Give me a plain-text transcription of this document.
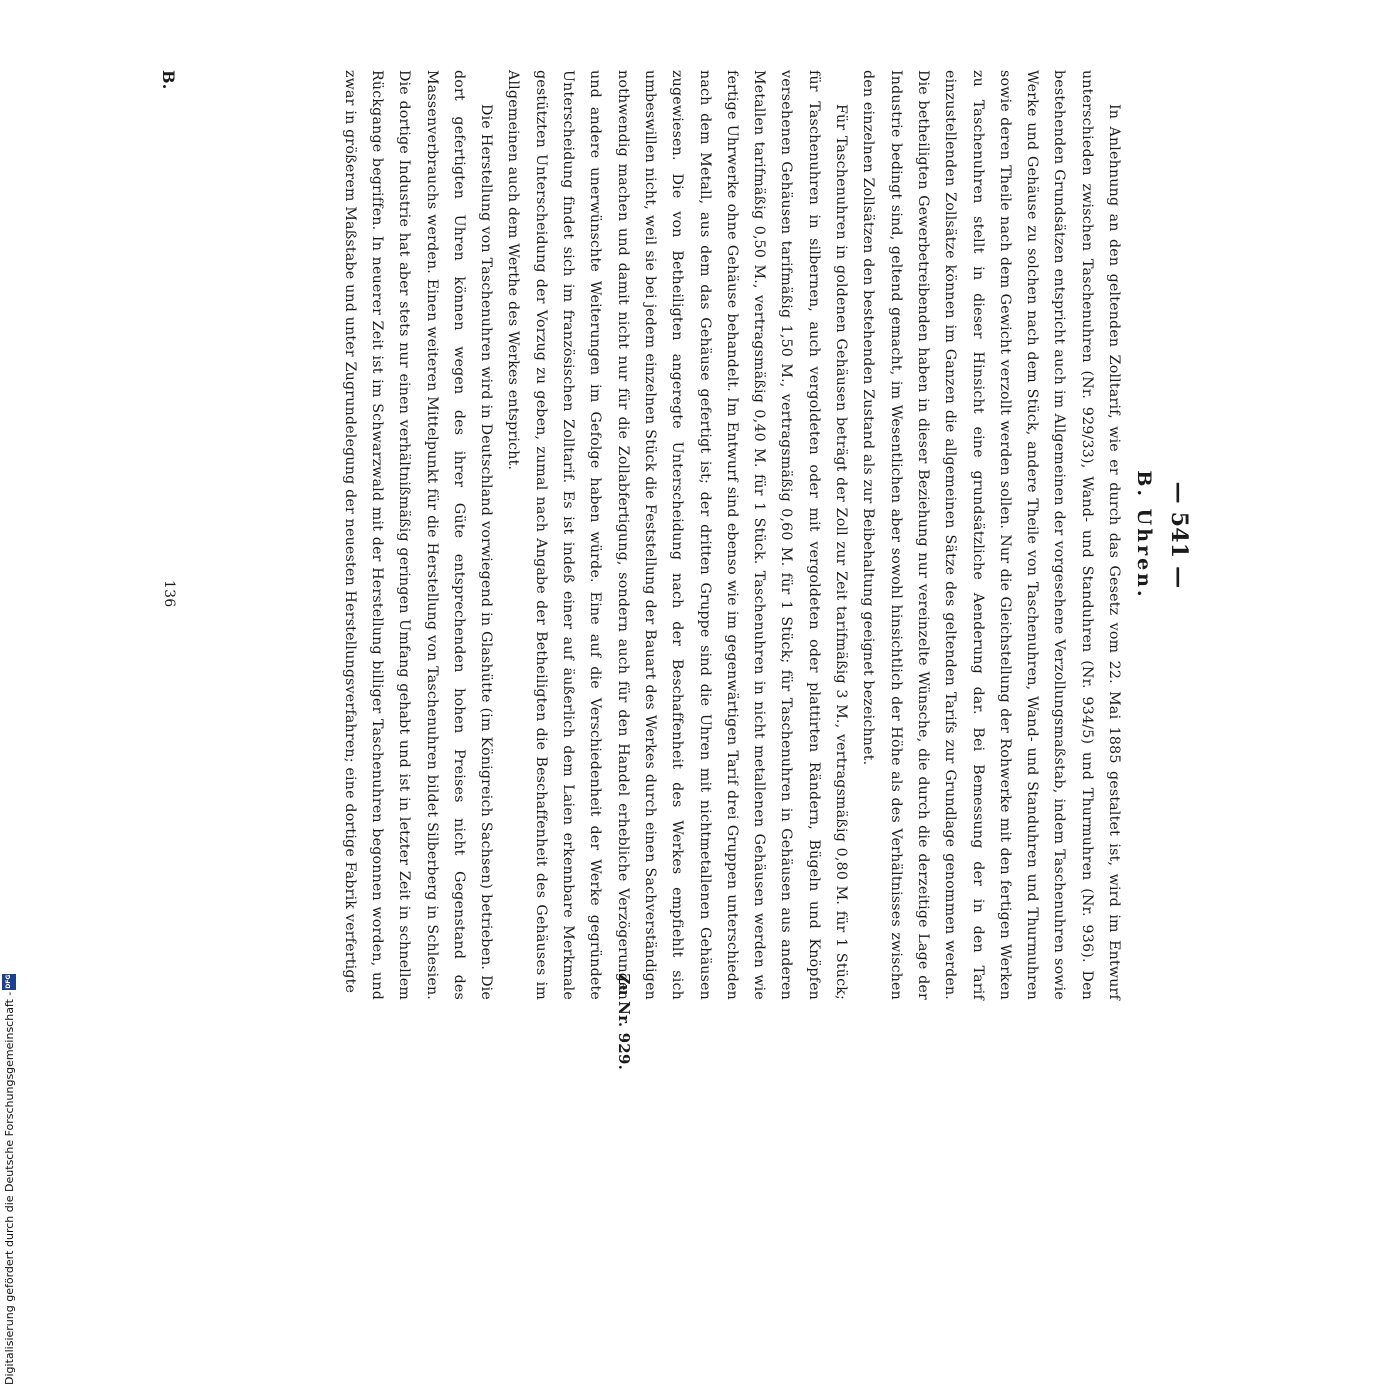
— 541 —
B. Uhren.

In Anlehnung an den geltenden Zolltarif, wie er durch das Gesetz vom 22. Mai 1885 gestaltet ist, wird im Entwurf unterschieden zwischen Taschenuhren (Nr. 929/33), Wand- und Standuhren (Nr. 934/5) und Thurmuhren (Nr. 936). Den bestehenden Grundsätzen entspricht auch im Allgemeinen der vorgesehene Verzollungsmaßstab, indem Taschenuhren sowie Werke und Gehäuse zu solchen nach dem Stück, andere Theile von Taschenuhren, Wand- und Standuhren und Thurmuhren sowie deren Theile nach dem Gewicht verzollt werden sollen. Nur die Gleichstellung der Rohwerke mit den fertigen Werken zu Taschenuhren stellt in dieser Hinsicht eine grundsätzliche Aenderung dar. Bei Bemessung der in den Tarif einzustellenden Zollsätze können im Ganzen die allgemeinen Sätze des geltenden Tarifs zur Grundlage genommen werden. Die betheiligten Gewerbetreibenden haben in dieser Beziehung nur vereinzelte Wünsche, die durch die derzeitige Lage der Industrie bedingt sind, geltend gemacht, im Wesentlichen aber sowohl hinsichtlich der Höhe als des Verhältnisses zwischen den einzelnen Zollsätzen den bestehenden Zustand als zur Beibehaltung geeignet bezeichnet.

Für Taschenuhren in goldenen Gehäusen beträgt der Zoll zur Zeit tarifmäßig 3 M., vertragsmäßig 0,80 M. für 1 Stück; für Taschenuhren in silbernen, auch vergoldeten oder mit vergoldeten oder plattirten Rändern, Bügeln und Knöpfen versehenen Gehäusen tarifmäßig 1,50 M., vertragsmäßig 0,60 M. für 1 Stück; für Taschenuhren in Gehäusen aus anderen Metallen tarifmäßig 0,50 M., vertragsmäßig 0,40 M. für 1 Stück. Taschenuhren in nicht metallenen Gehäusen werden wie fertige Uhrwerke ohne Gehäuse behandelt. Im Entwurf sind ebenso wie im gegenwärtigen Tarif drei Gruppen unterschieden nach dem Metall, aus dem das Gehäuse gefertigt ist; der dritten Gruppe sind die Uhren mit nichtmetallenen Gehäusen zugewiesen. Die von Betheiligten angeregte Unterscheidung nach der Beschaffenheit des Werkes empfiehlt sich umbeswillen nicht, weil sie bei jedem einzelnen Stück die Feststellung der Bauart des Werkes durch einen Sachverständigen nothwendig machen und damit nicht nur für die Zollabfertigung, sondern auch für den Handel erhebliche Verzögerungen und andere unerwünschte Weiterungen im Gefolge haben würde. Eine auf die Verschiedenheit der Werke gegründete Unterscheidung findet sich im französischen Zolltarif. Es ist indeß einer auf äußerlich dem Laien erkennbare Merkmale gestützten Unterscheidung der Vorzug zu geben, zumal nach Angabe der Betheiligten die Beschaffenheit des Gehäuses im Allgemeinen auch dem Werthe des Werkes entspricht.

Die Herstellung von Taschenuhren wird in Deutschland vorwiegend in Glashütte (im Königreich Sachsen) betrieben. Die dort gefertigten Uhren können wegen des ihrer Güte entsprechenden hohen Preises nicht Gegenstand des Massenverbrauchs werden. Einen weiteren Mittelpunkt für die Herstellung von Taschenuhren bildet Silberberg in Schlesien. Die dortige Industrie hat aber stets nur einen verhältnißmäßig geringen Umfang gehabt und ist in letzter Zeit in schnellem Rückgange begriffen. In neuerer Zeit ist im Schwarzwald mit der Herstellung billiger Taschenuhren begonnen worden, und zwar in größerem Maßstabe und unter Zugrundelegung der neuesten Herstellungsverfahren; eine dortige Fabrik verfertigte

Zu Nr. 929.
B.
136
Digitalisierung gefördert durch die Deutsche Forschungsgemeinschaft -
DFG
